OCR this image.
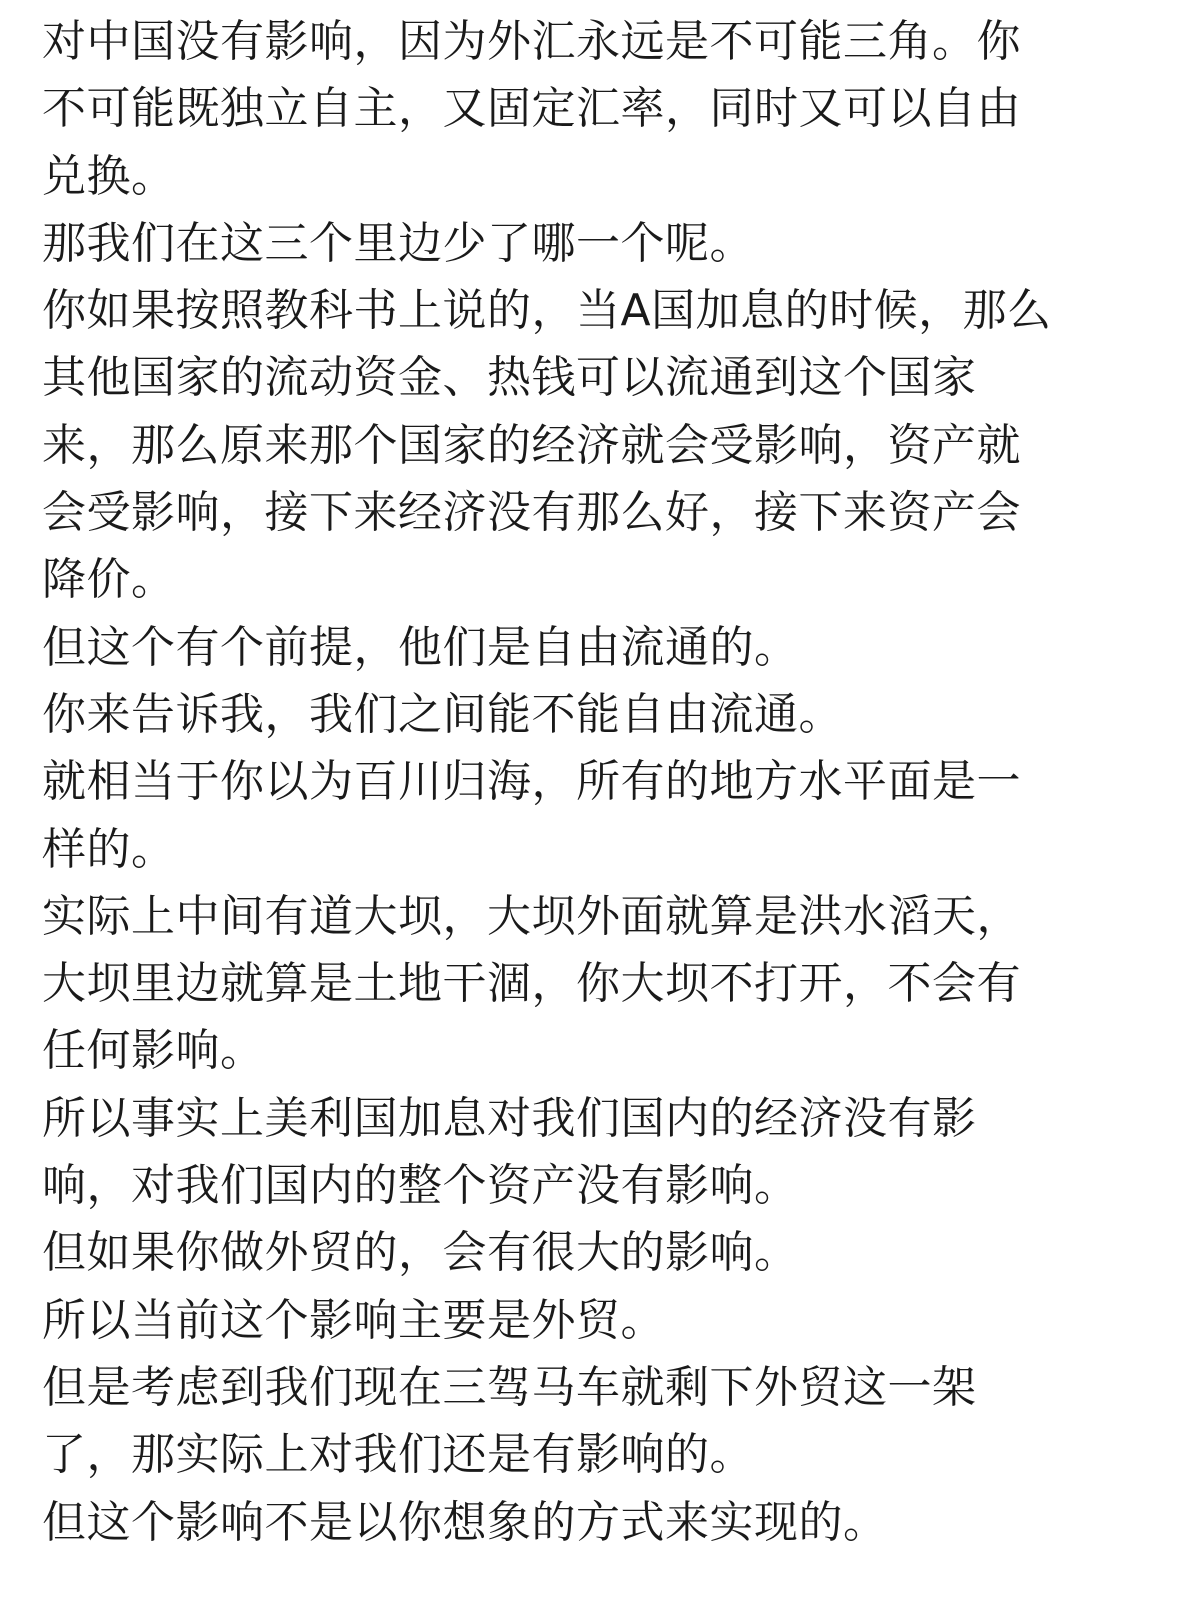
对中国没有影响，因为外汇永远是不可能三角。你
不可能既独立自主，又固定汇率，同时又可以自由
兑换。
那我们在这三个里边少了哪一个呢。
你如果按照教科书上说的，当A国加息的时候，那么
其他国家的流动资金、热钱可以流通到这个国家
来，那么原来那个国家的经济就会受影响，资产就
会受影响，接下来经济没有那么好，接下来资产会
降价。
但这个有个前提，他们是自由流通的。
你来告诉我，我们之间能不能自由流通。
就相当于你以为百川归海，所有的地方水平面是一
样的。
实际上中间有道大坝，大坝外面就算是洪水滔天，
大坝里边就算是土地干涸，你大坝不打开，不会有
任何影响。
所以事实上美利国加息对我们国内的经济没有影
响，对我们国内的整个资产没有影响。
但如果你做外贸的，会有很大的影响。
所以当前这个影响主要是外贸。
但是考虑到我们现在三驾马车就剩下外贸这一架
了，那实际上对我们还是有影响的。
但这个影响不是以你想象的方式来实现的。
